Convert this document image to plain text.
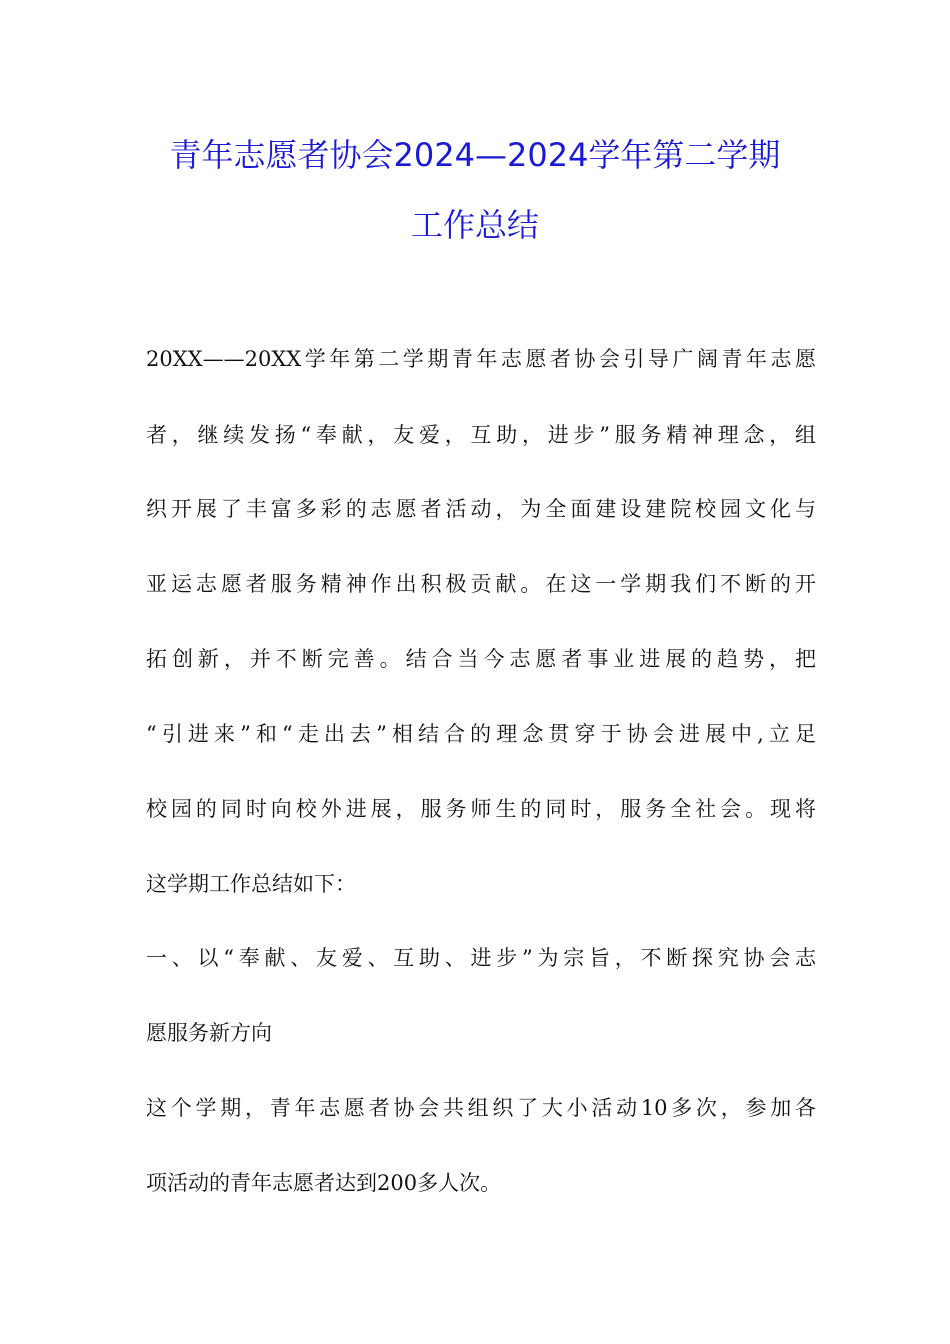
青年志愿者协会2024—2024学年第二学期
工作总结
20XX——20XX学年第二学期青年志愿者协会引导广阔青年志愿
者，继续发扬“奉献，友爱，互助，进步”服务精神理念，组
织开展了丰富多彩的志愿者活动，为全面建设建院校园文化与
亚运志愿者服务精神作出积极贡献。在这一学期我们不断的开
拓创新，并不断完善。结合当今志愿者事业进展的趋势，把
“引进来”和“走出去”相结合的理念贯穿于协会进展中,立足
校园的同时向校外进展，服务师生的同时，服务全社会。现将
这学期工作总结如下：
一、以“奉献、友爱、互助、进步”为宗旨，不断探究协会志
愿服务新方向
这个学期，青年志愿者协会共组织了大小活动10多次，参加各
项活动的青年志愿者达到200多人次。
